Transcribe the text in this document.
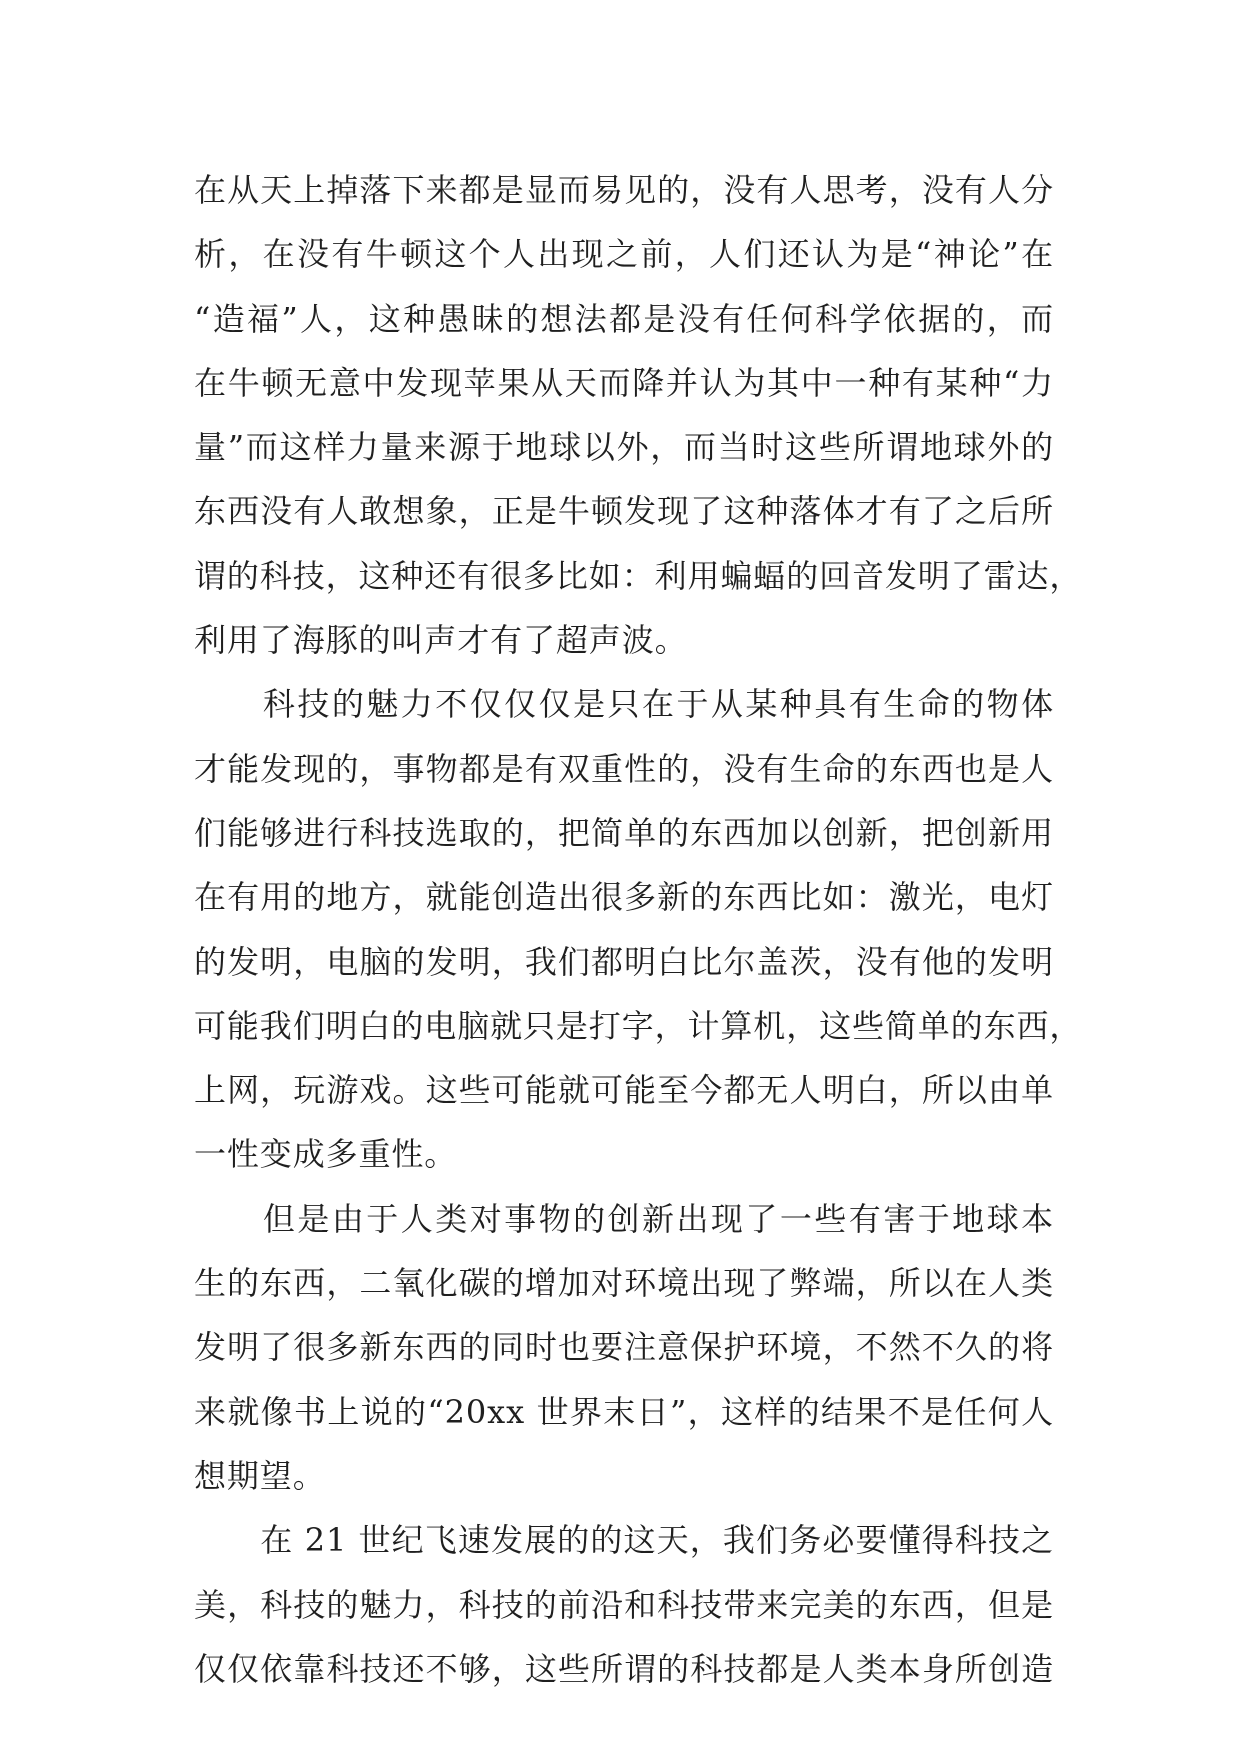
在从天上掉落下来都是显而易见的，没有人思考，没有人分
析，在没有牛顿这个人出现之前，人们还认为是“神论”在
“造福”人，这种愚昧的想法都是没有任何科学依据的，而
在牛顿无意中发现苹果从天而降并认为其中一种有某种“力
量”而这样力量来源于地球以外，而当时这些所谓地球外的
东西没有人敢想象，正是牛顿发现了这种落体才有了之后所
谓的科技，这种还有很多比如：利用蝙蝠的回音发明了雷达，
利用了海豚的叫声才有了超声波。
　　科技的魅力不仅仅仅是只在于从某种具有生命的物体
才能发现的，事物都是有双重性的，没有生命的东西也是人
们能够进行科技选取的，把简单的东西加以创新，把创新用
在有用的地方，就能创造出很多新的东西比如：激光，电灯
的发明，电脑的发明，我们都明白比尔盖茨，没有他的发明
可能我们明白的电脑就只是打字，计算机，这些简单的东西，
上网，玩游戏。这些可能就可能至今都无人明白，所以由单
一性变成多重性。
　　但是由于人类对事物的创新出现了一些有害于地球本
生的东西，二氧化碳的增加对环境出现了弊端，所以在人类
发明了很多新东西的同时也要注意保护环境，不然不久的将
来就像书上说的“20xx 世界末日”，这样的结果不是任何人
想期望。
　　在 21 世纪飞速发展的的这天，我们务必要懂得科技之
美，科技的魅力，科技的前沿和科技带来完美的东西，但是
仅仅依靠科技还不够，这些所谓的科技都是人类本身所创造
